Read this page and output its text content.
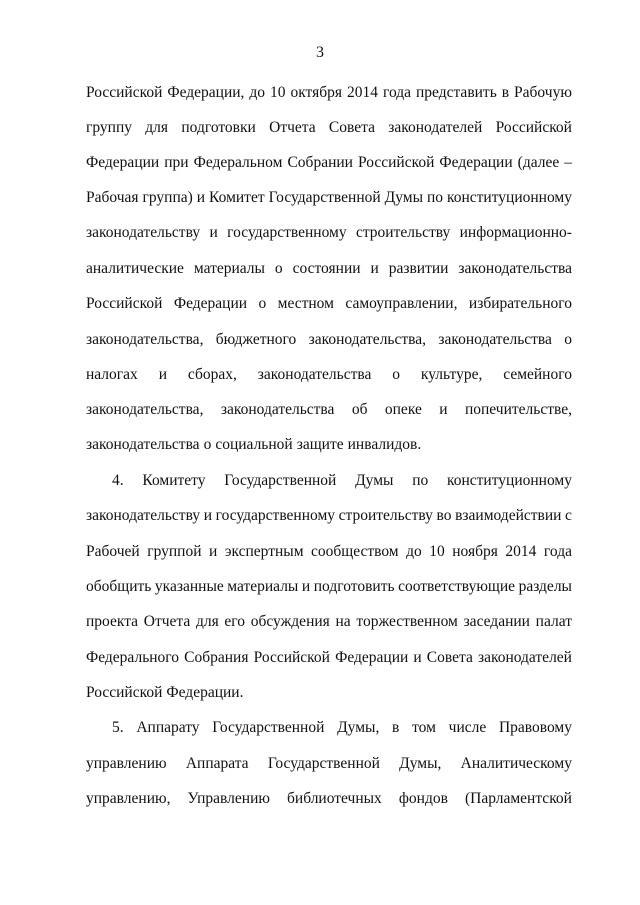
3
Российской Федерации, до 10 октября 2014 года представить в Рабочую
группу для подготовки Отчета Совета законодателей Российской
Федерации при Федеральном Собрании Российской Федерации (далее –
Рабочая группа) и Комитет Государственной Думы по конституционному
законодательству и государственному строительству информационно-
аналитические материалы о состоянии и развитии законодательства
Российской Федерации о местном самоуправлении, избирательного
законодательства, бюджетного законодательства, законодательства о
налогах и сборах, законодательства о культуре, семейного
законодательства, законодательства об опеке и попечительстве,
законодательства о социальной защите инвалидов.
4. Комитету Государственной Думы по конституционному
законодательству и государственному строительству во взаимодействии с
Рабочей группой и экспертным сообществом до 10 ноября 2014 года
обобщить указанные материалы и подготовить соответствующие разделы
проекта Отчета для его обсуждения на торжественном заседании палат
Федерального Собрания Российской Федерации и Совета законодателей
Российской Федерации.
5. Аппарату Государственной Думы, в том числе Правовому
управлению Аппарата Государственной Думы, Аналитическому
управлению, Управлению библиотечных фондов (Парламентской
